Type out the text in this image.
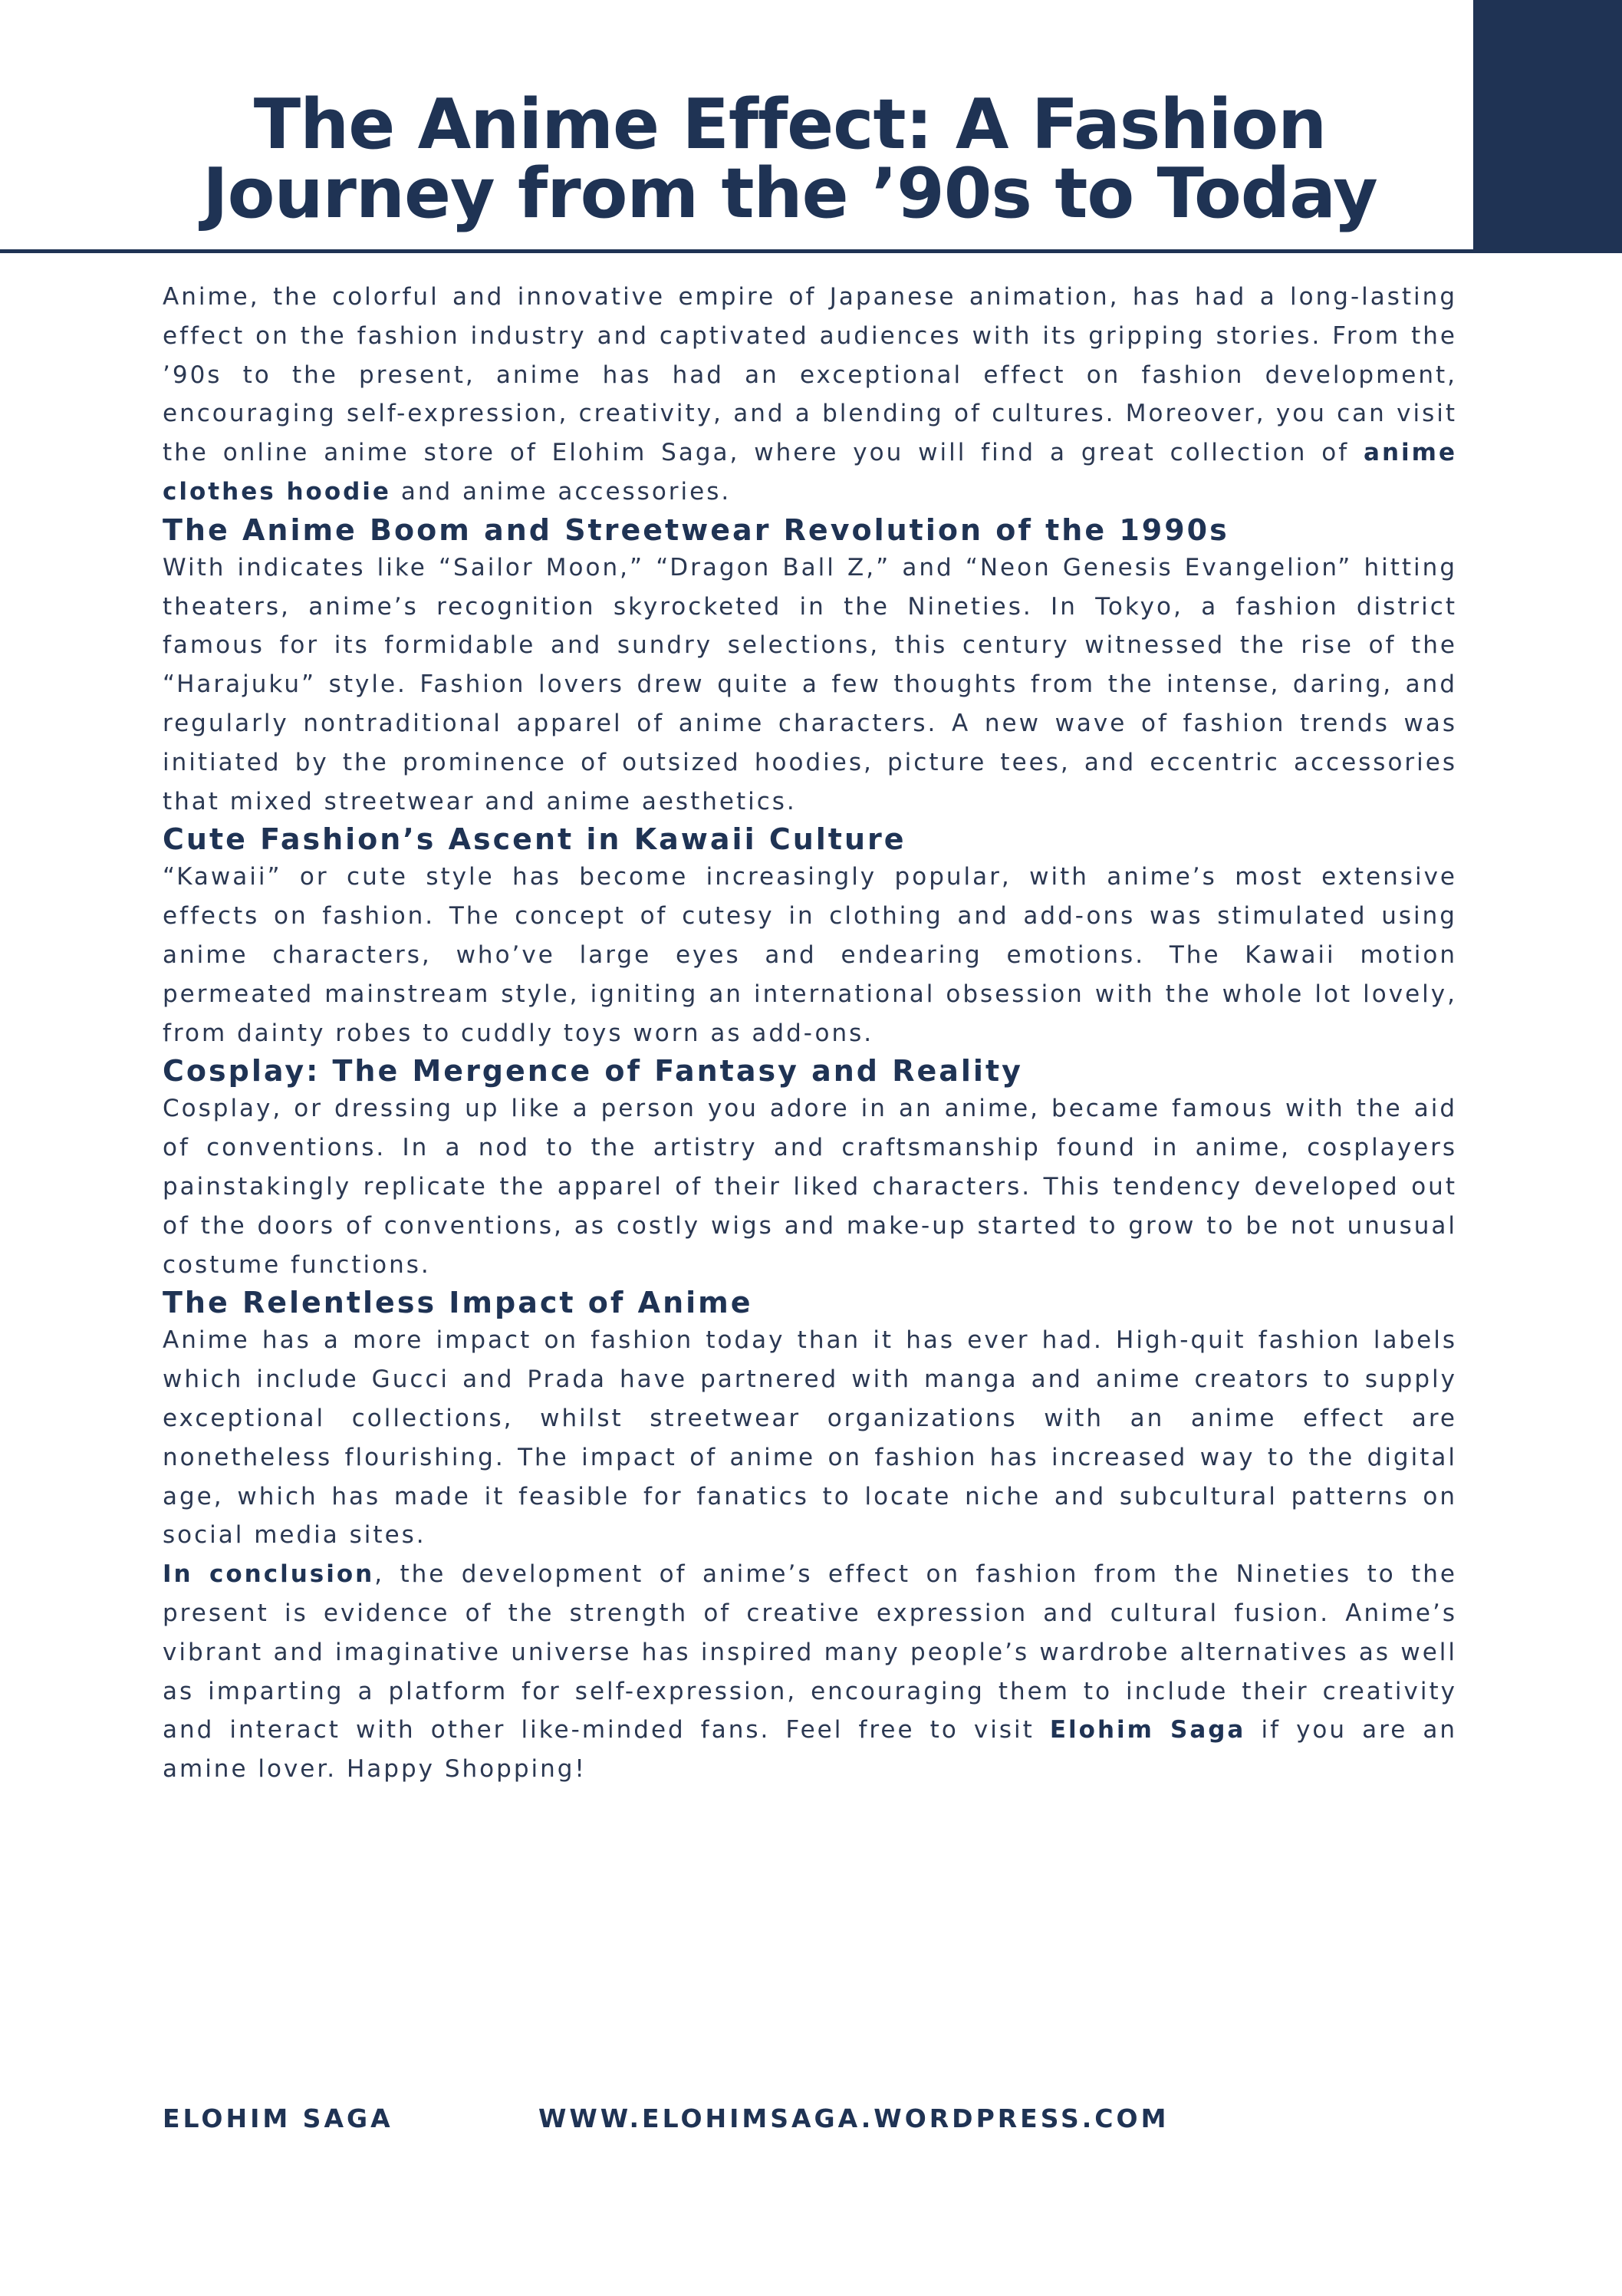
The Anime Effect: A Fashion
Journey from the ’90s to Today

Anime, the colorful and innovative empire of Japanese animation, has had a long-lasting effect on the fashion industry and captivated audiences with its gripping stories. From the ’90s to the present, anime has had an exceptional effect on fashion development, encouraging self-expression, creativity, and a blending of cultures. Moreover, you can visit the online anime store of Elohim Saga, where you will find a great collection of anime clothes hoodie and anime accessories.

The Anime Boom and Streetwear Revolution of the 1990s

With indicates like “Sailor Moon,” “Dragon Ball Z,” and “Neon Genesis Evangelion” hitting theaters, anime’s recognition skyrocketed in the Nineties. In Tokyo, a fashion district famous for its formidable and sundry selections, this century witnessed the rise of the “Harajuku” style. Fashion lovers drew quite a few thoughts from the intense, daring, and regularly nontraditional apparel of anime characters. A new wave of fashion trends was initiated by the prominence of outsized hoodies, picture tees, and eccentric accessories that mixed streetwear and anime aesthetics.

Cute Fashion’s Ascent in Kawaii Culture

“Kawaii” or cute style has become increasingly popular, with anime’s most extensive effects on fashion. The concept of cutesy in clothing and add-ons was stimulated using anime characters, who’ve large eyes and endearing emotions. The Kawaii motion permeated mainstream style, igniting an international obsession with the whole lot lovely, from dainty robes to cuddly toys worn as add-ons.

Cosplay: The Mergence of Fantasy and Reality

Cosplay, or dressing up like a person you adore in an anime, became famous with the aid of conventions. In a nod to the artistry and craftsmanship found in anime, cosplayers painstakingly replicate the apparel of their liked characters. This tendency developed out of the doors of conventions, as costly wigs and make-up started to grow to be not unusual costume functions.

The Relentless Impact of Anime

Anime has a more impact on fashion today than it has ever had. High-quit fashion labels which include Gucci and Prada have partnered with manga and anime creators to supply exceptional collections, whilst streetwear organizations with an anime effect are nonetheless flourishing. The impact of anime on fashion has increased way to the digital age, which has made it feasible for fanatics to locate niche and subcultural patterns on social media sites.

In conclusion, the development of anime’s effect on fashion from the Nineties to the present is evidence of the strength of creative expression and cultural fusion. Anime’s vibrant and imaginative universe has inspired many people’s wardrobe alternatives as well as imparting a platform for self-expression, encouraging them to include their creativity and interact with other like-minded fans. Feel free to visit Elohim Saga if you are an amine lover. Happy Shopping!

ELOHIM SAGA	WWW.ELOHIMSAGA.WORDPRESS.COM
